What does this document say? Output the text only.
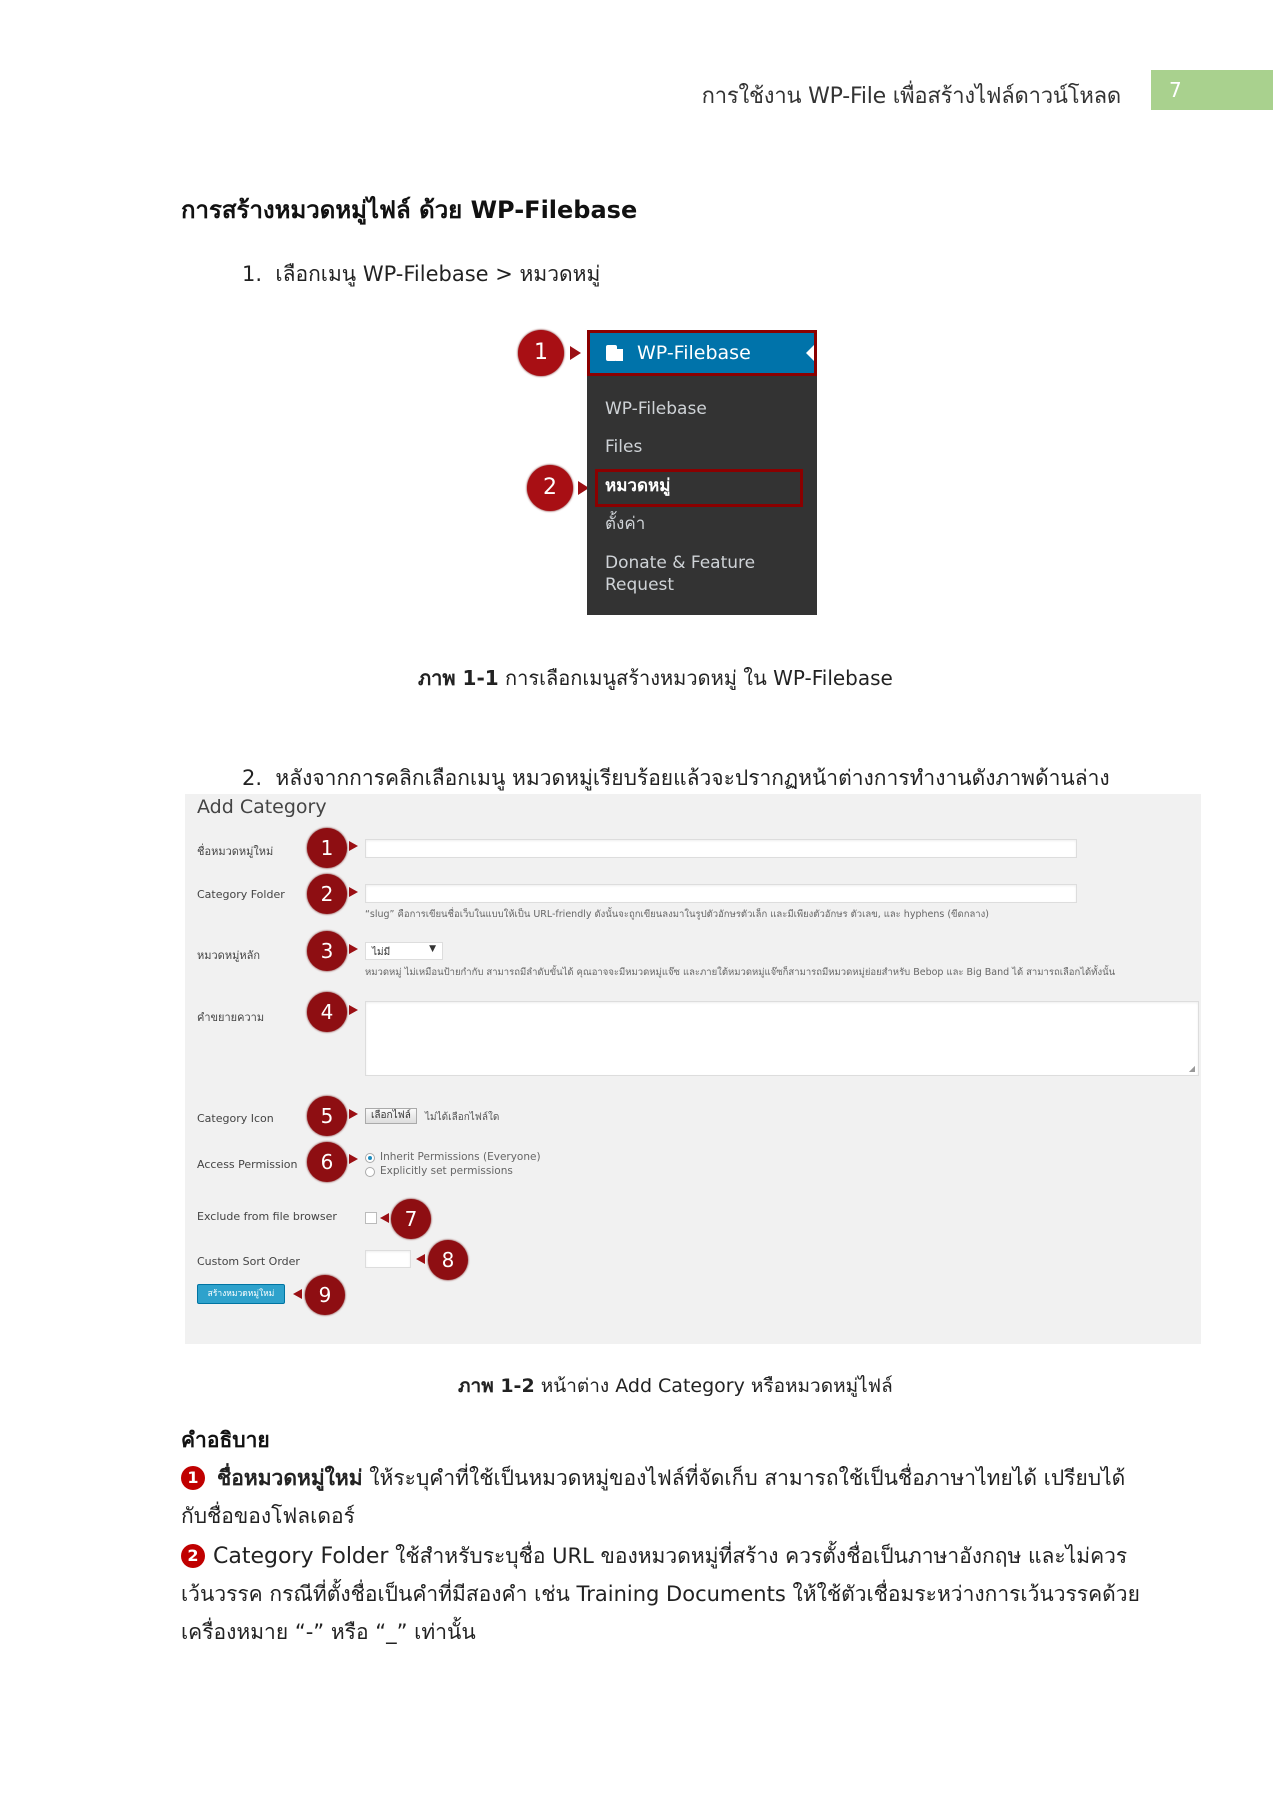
การใช้งาน WP-File เพื่อสร้างไฟล์ดาวน์โหลด	7
การสร้างหมวดหมู่ไฟล์ ด้วย WP-Filebase
1. เลือกเมนู WP-Filebase > หมวดหมู่
1
2
WP-Filebase
WP-Filebase
Files
หมวดหมู่
ตั้งค่า
Donate & Feature
Request
ภาพ 1-1 การเลือกเมนูสร้างหมวดหมู่ ใน WP-Filebase
2. หลังจากการคลิกเลือกเมนู หมวดหมู่เรียบร้อยแล้วจะปรากฏหน้าต่างการทำงานดังภาพด้านล่าง
Add Category
ชื่อหมวดหมู่ใหม่	1
Category Folder	2
“slug” คือการเขียนชื่อเว็บในแบบให้เป็น URL-friendly ดังนั้นจะถูกเขียนลงมาในรูปตัวอักษรตัวเล็ก และมีเพียงตัวอักษร ตัวเลข, และ hyphens (ขีดกลาง)
หมวดหมู่หลัก	3	ไม่มี	▼
หมวดหมู่ ไม่เหมือนป้ายกำกับ สามารถมีลำดับขั้นได้ คุณอาจจะมีหมวดหมู่แจ๊ซ และภายใต้หมวดหมู่แจ๊ซก็สามารถมีหมวดหมู่ย่อยสำหรับ Bebop และ Big Band ได้ สามารถเลือกได้ทั้งนั้น
คำขยายความ	4
◢
Category Icon	5	เลือกไฟล์	ไม่ได้เลือกไฟล์ใด
Access Permission	6	Inherit Permissions (Everyone)
Explicitly set permissions
Exclude from file browser	7
Custom Sort Order	8
สร้างหมวดหมู่ใหม่	9
ภาพ 1-2 หน้าต่าง Add Category หรือหมวดหมู่ไฟล์
คำอธิบาย
1 ชื่อหมวดหมู่ใหม่ ให้ระบุคำที่ใช้เป็นหมวดหมู่ของไฟล์ที่จัดเก็บ สามารถใช้เป็นชื่อภาษาไทยได้ เปรียบได้
กับชื่อของโฟลเดอร์
2 Category Folder ใช้สำหรับระบุชื่อ URL ของหมวดหมู่ที่สร้าง ควรตั้งชื่อเป็นภาษาอังกฤษ และไม่ควร
เว้นวรรค กรณีที่ตั้งชื่อเป็นคำที่มีสองคำ เช่น Training Documents ให้ใช้ตัวเชื่อมระหว่างการเว้นวรรคด้วย
เครื่องหมาย “-” หรือ “_” เท่านั้น
